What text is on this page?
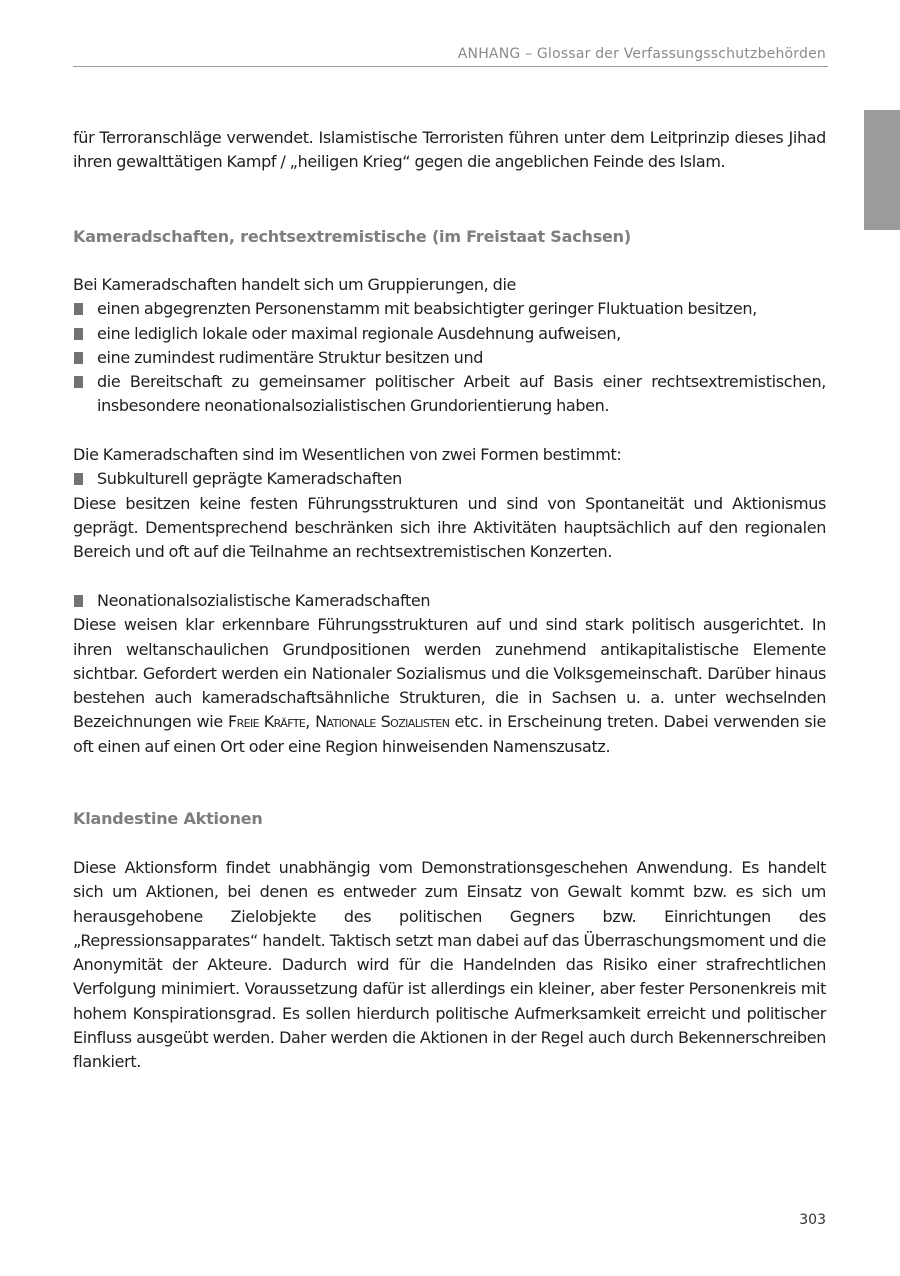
ANHANG – Glossar der Verfassungsschutzbehörden
für Terroranschläge verwendet. Islamistische Terroristen führen unter dem Leitprinzip dieses Jihad ihren gewalttätigen Kampf / „heiligen Krieg“ gegen die angeblichen Feinde des Islam.
Kameradschaften, rechtsextremistische (im Freistaat Sachsen)
Bei Kameradschaften handelt sich um Gruppierungen, die
einen abgegrenzten Personenstamm mit beabsichtigter geringer Fluktuation besitzen,
eine lediglich lokale oder maximal regionale Ausdehnung aufweisen,
eine zumindest rudimentäre Struktur besitzen und
die Bereitschaft zu gemeinsamer politischer Arbeit auf Basis einer rechtsextremistischen, insbesondere neonationalsozialistischen Grundorientierung haben.
Die Kameradschaften sind im Wesentlichen von zwei Formen bestimmt:
Subkulturell geprägte Kameradschaften
Diese besitzen keine festen Führungsstrukturen und sind von Spontaneität und Aktionismus geprägt. Dementsprechend beschränken sich ihre Aktivitäten hauptsächlich auf den regionalen Bereich und oft auf die Teilnahme an rechtsextremistischen Konzerten.
Neonationalsozialistische Kameradschaften
Diese weisen klar erkennbare Führungsstrukturen auf und sind stark politisch ausgerichtet. In ihren weltanschaulichen Grundpositionen werden zunehmend antikapitalistische Elemente sichtbar. Gefordert werden ein Nationaler Sozialismus und die Volksgemeinschaft. Darüber hinaus bestehen auch kameradschaftsähnliche Strukturen, die in Sachsen u. a. unter wechselnden Bezeichnungen wie Freie Kräfte, Nationale Sozialisten etc. in Erscheinung treten. Dabei verwenden sie oft einen auf einen Ort oder eine Region hinweisenden Namenszusatz.
Klandestine Aktionen
Diese Aktionsform findet unabhängig vom Demonstrationsgeschehen Anwendung. Es handelt sich um Aktionen, bei denen es entweder zum Einsatz von Gewalt kommt bzw. es sich um herausgehobene Zielobjekte des politischen Gegners bzw. Einrichtungen des „Repressionsapparates“ handelt. Taktisch setzt man dabei auf das Überraschungsmoment und die Anonymität der Akteure. Dadurch wird für die Handelnden das Risiko einer strafrechtlichen Verfolgung minimiert. Voraussetzung dafür ist allerdings ein kleiner, aber fester Personenkreis mit hohem Konspirationsgrad. Es sollen hierdurch politische Aufmerksamkeit erreicht und politischer Einfluss ausgeübt werden. Daher werden die Aktionen in der Regel auch durch Bekennerschreiben flankiert.
303
